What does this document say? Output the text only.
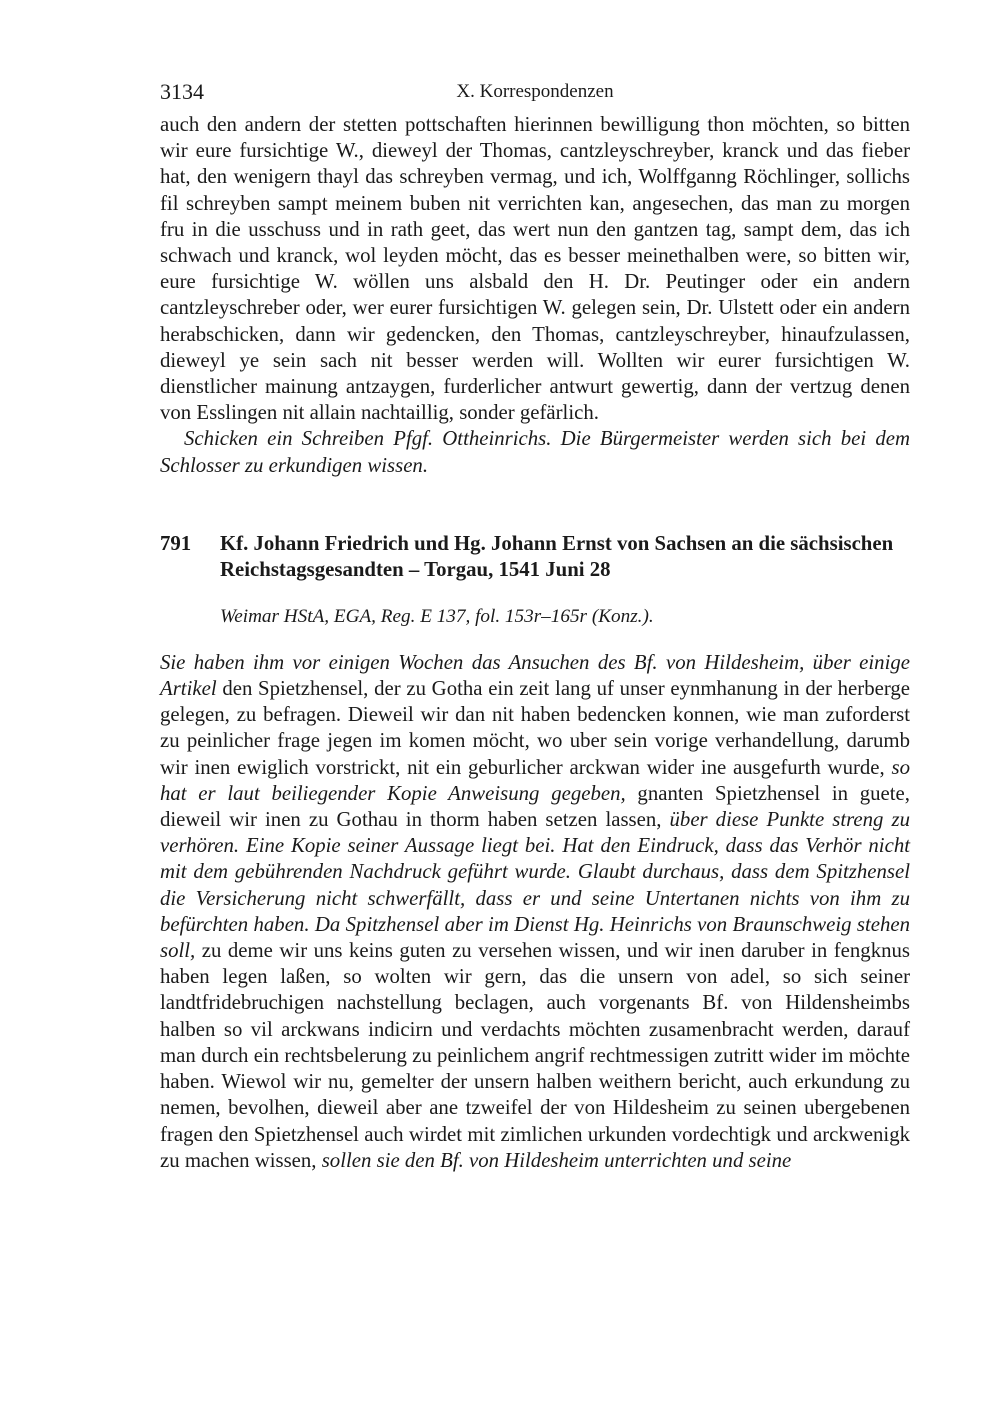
3134	X. Korrespondenzen

auch den andern der stetten pottschaften hierinnen bewilligung thon möchten, so bitten wir eure fursichtige W., dieweyl der Thomas, cantzleyschreyber, kranck und das fieber hat, den wenigern thayl das schreyben vermag, und ich, Wolffganng Röchlinger, sollichs fil schreyben sampt meinem buben nit verrichten kan, angesechen, das man zu morgen fru in die usschuss und in rath geet, das wert nun den gantzen tag, sampt dem, das ich schwach und kranck, wol leyden möcht, das es besser meinethalben were, so bitten wir, eure fursichtige W. wöllen uns alsbald den H. Dr. Peutinger oder ein andern cantzleyschreber oder, wer eurer fursichtigen W. gelegen sein, Dr. Ulstett oder ein andern herabschicken, dann wir gedencken, den Thomas, cantzleyschreyber, hinaufzulassen, dieweyl ye sein sach nit besser werden will. Wollten wir eurer fursichtigen W. dienstlicher mainung antzaygen, furderlicher antwurt gewertig, dann der vertzug denen von Esslingen nit allain nachtaillig, sonder gefärlich.

Schicken ein Schreiben Pfgf. Ottheinrichs. Die Bürgermeister werden sich bei dem Schlosser zu erkundigen wissen.

791 Kf. Johann Friedrich und Hg. Johann Ernst von Sachsen an die sächsischen Reichstagsgesandten – Torgau, 1541 Juni 28
Weimar HStA, EGA, Reg. E 137, fol. 153r–165r (Konz.).

Sie haben ihm vor einigen Wochen das Ansuchen des Bf. von Hildesheim, über einige Artikel den Spietzhensel, der zu Gotha ein zeit lang uf unser eynmhanung in der herberge gelegen, zu befragen. Dieweil wir dan nit haben bedencken konnen, wie man zuforderst zu peinlicher frage jegen im komen möcht, wo uber sein vorige verhandellung, darumb wir inen ewiglich vorstrickt, nit ein geburlicher arckwan wider ine ausgefurth wurde, so hat er laut beiliegender Kopie Anweisung gegeben, gnanten Spietzhensel in guete, dieweil wir inen zu Gothau in thorm haben setzen lassen, über diese Punkte streng zu verhören. Eine Kopie seiner Aussage liegt bei. Hat den Eindruck, dass das Verhör nicht mit dem gebührenden Nachdruck geführt wurde. Glaubt durchaus, dass dem Spitzhensel die Versicherung nicht schwerfällt, dass er und seine Untertanen nichts von ihm zu befürchten haben. Da Spitzhensel aber im Dienst Hg. Heinrichs von Braunschweig stehen soll, zu deme wir uns keins guten zu versehen wissen, und wir inen daruber in fengknus haben legen laßen, so wolten wir gern, das die unsern von adel, so sich seiner landtfridebruchigen nachstellung beclagen, auch vorgenants Bf. von Hildensheimbs halben so vil arckwans indicirn und verdachts möchten zusamenbracht werden, darauf man durch ein rechtsbelerung zu peinlichem angrif rechtmessigen zutritt wider im möchte haben. Wiewol wir nu, gemelter der unsern halben weithern bericht, auch erkundung zu nemen, bevolhen, dieweil aber ane tzweifel der von Hildesheim zu seinen ubergebenen fragen den Spietzhensel auch wirdet mit zimlichen urkunden vordechtigk und arckwenigk zu machen wissen, sollen sie den Bf. von Hildesheim unterrichten und seine
